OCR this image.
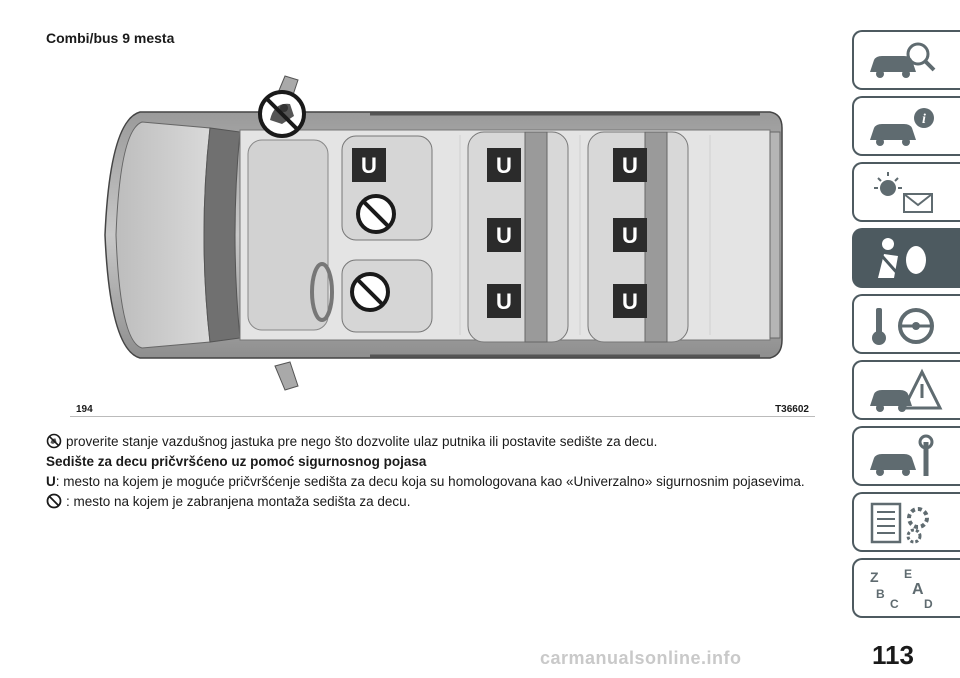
Combi/bus 9 mesta
U	U
U
U
U
U
U
194	T36602
proverite stanje vazdušnog jastuka pre nego što dozvolite ulaz putnika ili postavite sedište za decu.
Sedište za decu pričvršćeno uz pomoć sigurnosnog pojasa
U: mesto na kojem je moguće pričvršćenje sedišta za decu koja su homologovana kao «Univerzalno» sigurnosnim pojasevima.
: mesto na kojem je zabranjena montaža sedišta za decu.
i
Z E
B A
C D
carmanualsonline.info	113
